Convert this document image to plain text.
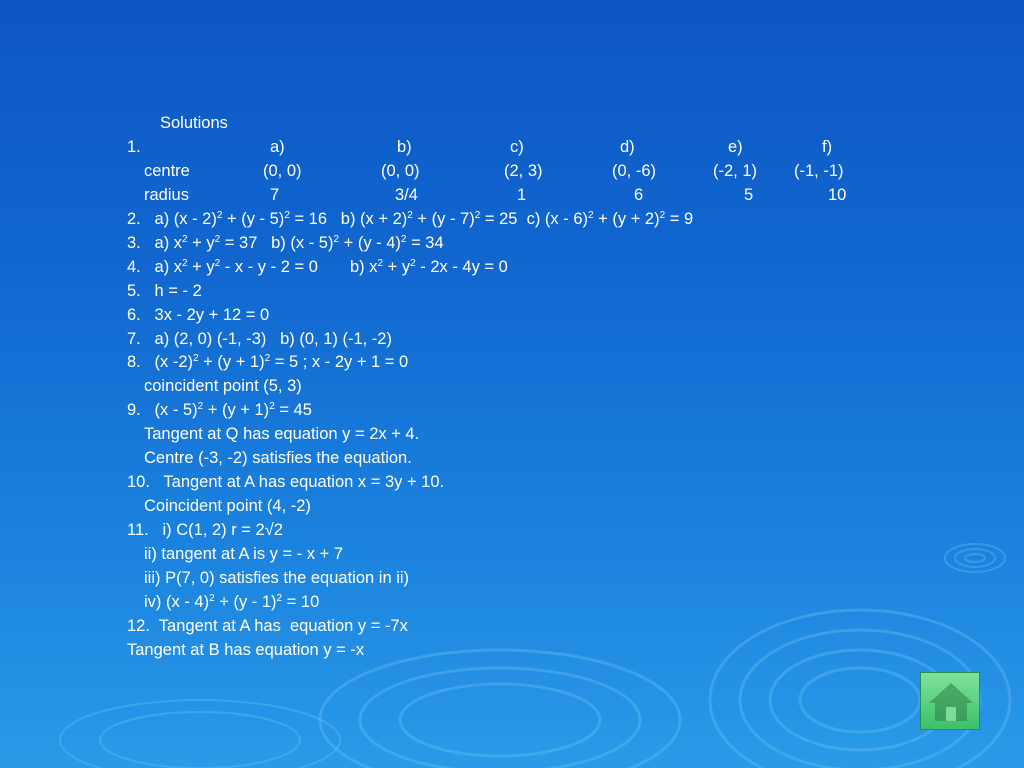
Solutions
1.	a)	b)	c)	d)	e)	f)
centre	(0, 0)	(0, 0)	(2, 3)	(0, -6)	(-2, 1) (-1, -1)
radius	7	3/4	1	6	5	10
2.   a) (x - 2)$^2$ + (y - 5)$^2$ = 16   b) $(x + 2)^2 + (y - 7)^2 = 25$  c) $(x - 6)^2 + (y + 2)^2 = 9$
3.   a) $x^2 + y^2 = 37$   b) (x - 5)$^2$ + (y - 4)$^2$ = 34
4.   a) $x^2 + y^2 - x - y - 2 = 0$       b) $x^2 + y^2 - 2x - 4y = 0$
5.   h = - 2
6.   3x - 2y + 12 = 0
7.   a) (2, 0) (-1, -3)   b) (0, 1) (-1, -2)
8.   (x $-2)^2 + (y + 1)^2 = 5$ ; x - 2y + 1 = 0
coincident point (5, 3)
9.   $(x - 5)^2 + (y + 1)^2 = 45$
Tangent at Q has equation y = 2x + 4.
Centre (-3, -2) satisfies the equation.
10.   Tangent at A has equation x = 3y + 10.
Coincident point (4, -2)
11.   i) C(1, 2) r = 2√2
ii) tangent at A is y = - x + 7
iii) P(7, 0) satisfies the equation in ii)
iv) (x - 4)$^2$ + (y - 1)$^2$ = 10
12.  Tangent at A has  equation y = -7x
Tangent at B has equation y = -x
